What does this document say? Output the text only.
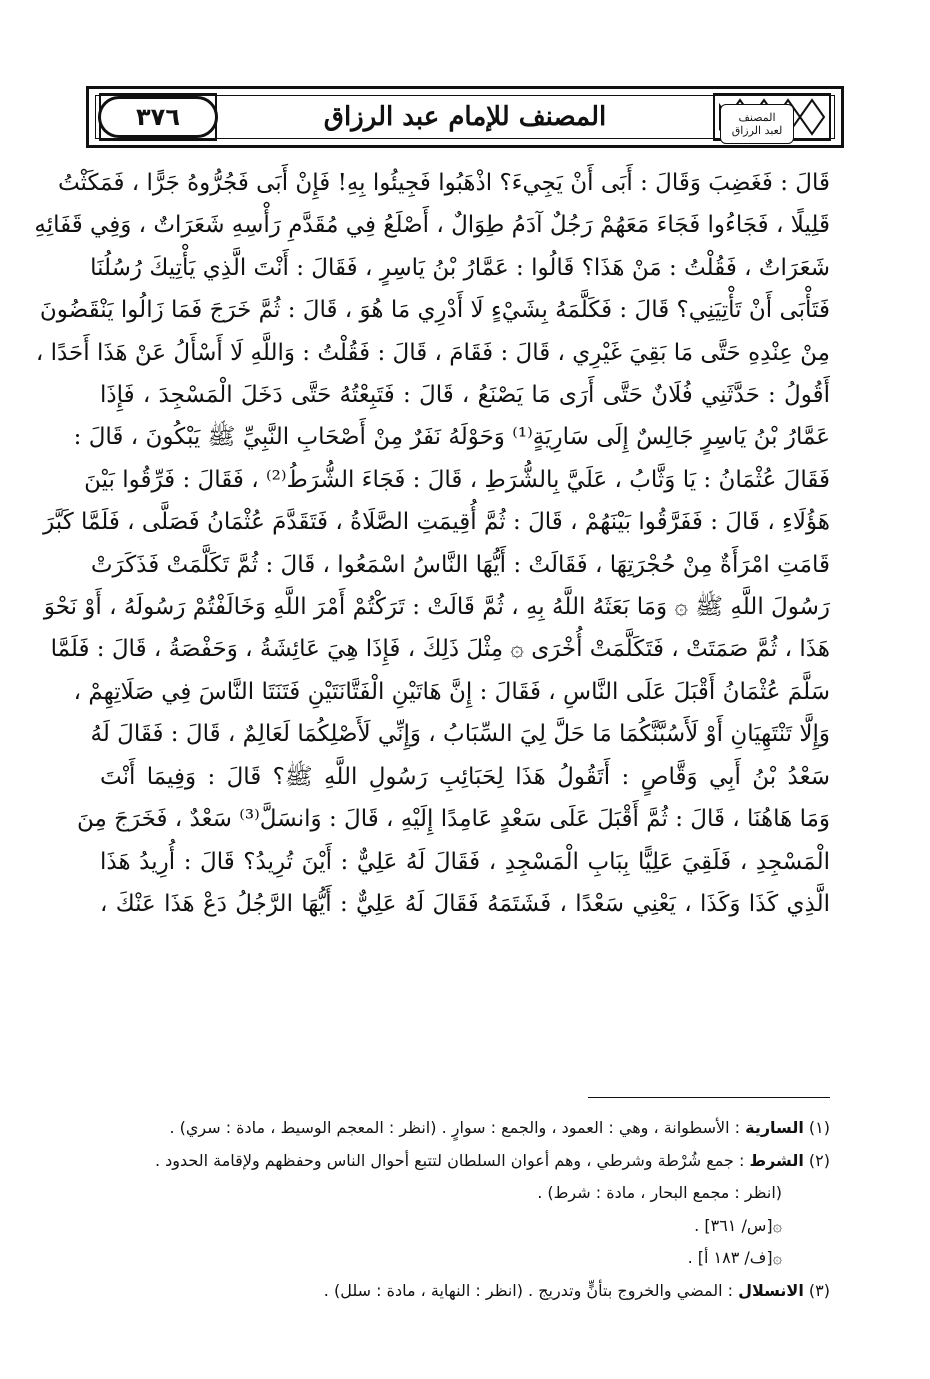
٣٧٦	المصنف للإمام عبد الرزاق	المصنف
لعبد الرزاق
قَالَ : فَغَضِبَ وَقَالَ : أَبَى أَنْ يَجِيءَ؟ اذْهَبُوا فَجِيئُوا بِهِ! فَإِنْ أَبَى فَجُرُّوهُ جَرًّا ، فَمَكَثْتُ
قَلِيلًا ، فَجَاءُوا فَجَاءَ مَعَهُمْ رَجُلٌ آدَمُ طِوَالٌ ، أَصْلَعُ فِي مُقَدَّمِ رَأْسِهِ شَعَرَاتٌ ، وَفِي قَفَائِهِ
شَعَرَاتٌ ، فَقُلْتُ : مَنْ هَذَا؟ قَالُوا : عَمَّارُ بْنُ يَاسِرٍ ، فَقَالَ : أَنْتَ الَّذِي يَأْتِيكَ رُسُلُنَا
فَتَأْبَى أَنْ تَأْتِيَنِي؟ قَالَ : فَكَلَّمَهُ بِشَيْءٍ لَا أَدْرِي مَا هُوَ ، قَالَ : ثُمَّ خَرَجَ فَمَا زَالُوا يَنْقَضُونَ
مِنْ عِنْدِهِ حَتَّى مَا بَقِيَ غَيْرِي ، قَالَ : فَقَامَ ، قَالَ : فَقُلْتُ : وَاللَّهِ لَا أَسْأَلُ عَنْ هَذَا أَحَدًا ،
أَقُولُ : حَدَّثَنِي فُلَانٌ حَتَّى أَرَى مَا يَصْنَعُ ، قَالَ : فَتَبِعْتُهُ حَتَّى دَخَلَ الْمَسْجِدَ ، فَإِذَا
عَمَّارُ بْنُ يَاسِرٍ جَالِسٌ إِلَى سَارِيَةٍ⁽¹⁾ وَحَوْلَهُ نَفَرٌ مِنْ أَصْحَابِ النَّبِيِّ ﷺ يَبْكُونَ ، قَالَ :
فَقَالَ عُثْمَانُ : يَا وَثَّابُ ، عَلَيَّ بِالشُّرَطِ ، قَالَ : فَجَاءَ الشُّرَطُ⁽²⁾ ، فَقَالَ : فَرِّقُوا بَيْنَ
هَؤُلَاءِ ، قَالَ : فَفَرَّقُوا بَيْنَهُمْ ، قَالَ : ثُمَّ أُقِيمَتِ الصَّلَاةُ ، فَتَقَدَّمَ عُثْمَانُ فَصَلَّى ، فَلَمَّا كَبَّرَ
قَامَتِ امْرَأَةٌ مِنْ حُجْرَتِهَا ، فَقَالَتْ : أَيُّهَا النَّاسُ اسْمَعُوا ، قَالَ : ثُمَّ تَكَلَّمَتْ فَذَكَرَتْ
رَسُولَ اللَّهِ ﷺ ۞ وَمَا بَعَثَهُ اللَّهُ بِهِ ، ثُمَّ قَالَتْ : تَرَكْتُمْ أَمْرَ اللَّهِ وَخَالَفْتُمْ رَسُولَهُ ، أَوْ نَحْوَ
هَذَا ، ثُمَّ صَمَتَتْ ، فَتَكَلَّمَتْ أُخْرَى ۞ مِثْلَ ذَلِكَ ، فَإِذَا هِيَ عَائِشَةُ ، وَحَفْصَةُ ، قَالَ : فَلَمَّا
سَلَّمَ عُثْمَانُ أَقْبَلَ عَلَى النَّاسِ ، فَقَالَ : إِنَّ هَاتَيْنِ الْفَتَّانَتَيْنِ فَتَنَتَا النَّاسَ فِي صَلَاتِهِمْ ،
وَإِلَّا تَنْتَهِيَانِ أَوْ لَأَسُبَّنَّكُمَا مَا حَلَّ لِيَ السِّبَابُ ، وَإِنِّي لَأَصْلِكُمَا لَعَالِمٌ ، قَالَ : فَقَالَ لَهُ
سَعْدُ بْنُ أَبِي وَقَّاصٍ : أَتَقُولُ هَذَا لِحَبَائِبِ رَسُولِ اللَّهِ ﷺ؟ قَالَ : وَفِيمَا أَنْتَ
وَمَا هَاهُنَا ، قَالَ : ثُمَّ أَقْبَلَ عَلَى سَعْدٍ عَامِدًا إِلَيْهِ ، قَالَ : وَانسَلَّ⁽³⁾ سَعْدٌ ، فَخَرَجَ مِنَ
الْمَسْجِدِ ، فَلَقِيَ عَلِيًّا بِبَابِ الْمَسْجِدِ ، فَقَالَ لَهُ عَلِيٌّ : أَيْنَ تُرِيدُ؟ قَالَ : أُرِيدُ هَذَا
الَّذِي كَذَا وَكَذَا ، يَعْنِي سَعْدًا ، فَشَتَمَهُ فَقَالَ لَهُ عَلِيٌّ : أَيُّهَا الرَّجُلُ دَعْ هَذَا عَنْكَ ،
(١) السارية : الأسطوانة ، وهي : العمود ، والجمع : سوارٍ . (انظر : المعجم الوسيط ، مادة : سري) .
(٢) الشرط : جمع شُرْطة وشرطي ، وهم أعوان السلطان لتتبع أحوال الناس وحفظهم ولإقامة الحدود .
(انظر : مجمع البحار ، مادة : شرط) .
۞[س/ ٣٦١] .
۞[ف/ ١٨٣ أ] .
(٣) الانسلال : المضي والخروج بتأنٍّ وتدريج . (انظر : النهاية ، مادة : سلل) .
